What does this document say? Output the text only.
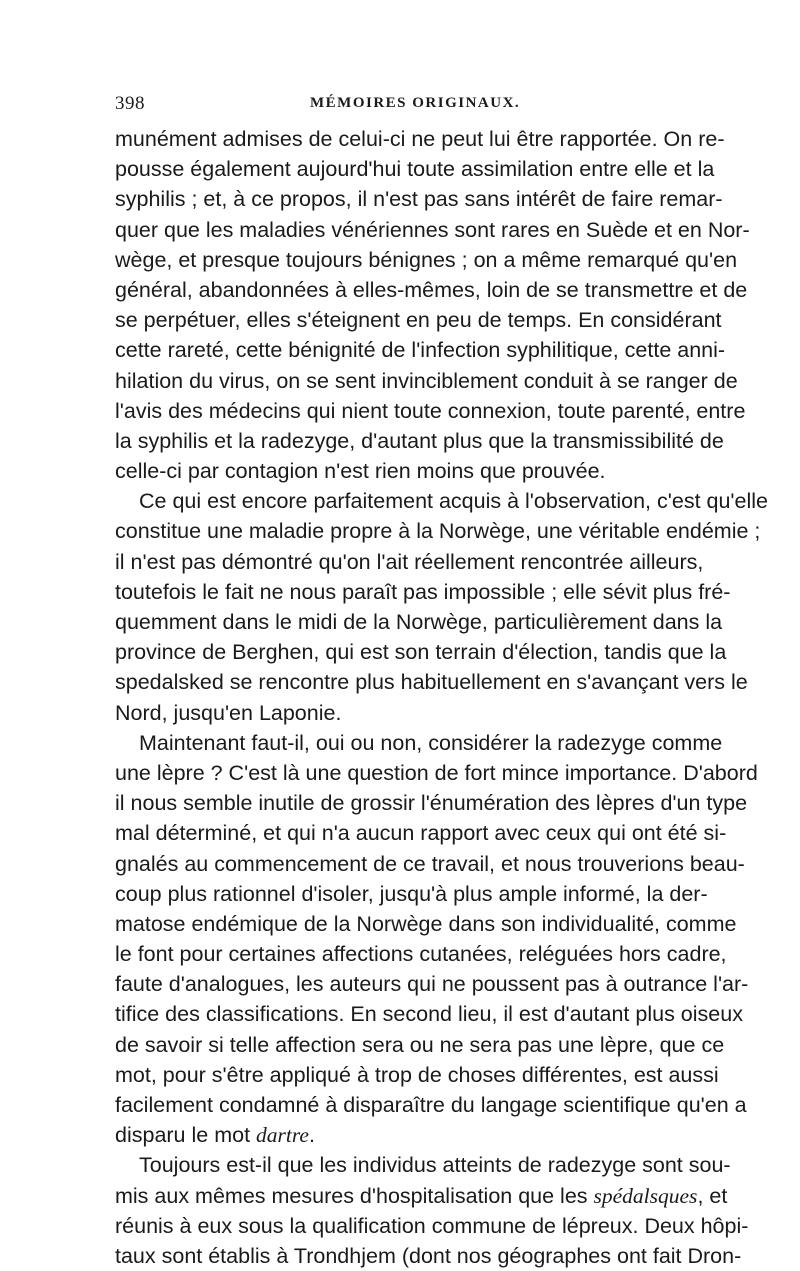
398	MÉMOIRES ORIGINAUX.
munément admises de celui-ci ne peut lui être rapportée. On re-
pousse également aujourd'hui toute assimilation entre elle et la
syphilis ; et, à ce propos, il n'est pas sans intérêt de faire remar-
quer que les maladies vénériennes sont rares en Suède et en Nor-
wège, et presque toujours bénignes ; on a même remarqué qu'en
général, abandonnées à elles-mêmes, loin de se transmettre et de
se perpétuer, elles s'éteignent en peu de temps. En considérant
cette rareté, cette bénignité de l'infection syphilitique, cette anni-
hilation du virus, on se sent invinciblement conduit à se ranger de
l'avis des médecins qui nient toute connexion, toute parenté, entre
la syphilis et la radezyge, d'autant plus que la transmissibilité de
celle-ci par contagion n'est rien moins que prouvée.
Ce qui est encore parfaitement acquis à l'observation, c'est qu'elle
constitue une maladie propre à la Norwège, une véritable endémie ;
il n'est pas démontré qu'on l'ait réellement rencontrée ailleurs,
toutefois le fait ne nous paraît pas impossible ; elle sévit plus fré-
quemment dans le midi de la Norwège, particulièrement dans la
province de Berghen, qui est son terrain d'élection, tandis que la
spedalsked se rencontre plus habituellement en s'avançant vers le
Nord, jusqu'en Laponie.
Maintenant faut-il, oui ou non, considérer la radezyge comme
une lèpre ? C'est là une question de fort mince importance. D'abord
il nous semble inutile de grossir l'énumération des lèpres d'un type
mal déterminé, et qui n'a aucun rapport avec ceux qui ont été si-
gnalés au commencement de ce travail, et nous trouverions beau-
coup plus rationnel d'isoler, jusqu'à plus ample informé, la der-
matose endémique de la Norwège dans son individualité, comme
le font pour certaines affections cutanées, reléguées hors cadre,
faute d'analogues, les auteurs qui ne poussent pas à outrance l'ar-
tifice des classifications. En second lieu, il est d'autant plus oiseux
de savoir si telle affection sera ou ne sera pas une lèpre, que ce
mot, pour s'être appliqué à trop de choses différentes, est aussi
facilement condamné à disparaître du langage scientifique qu'en a
disparu le mot dartre.
Toujours est-il que les individus atteints de radezyge sont sou-
mis aux mêmes mesures d'hospitalisation que les spédalsques, et
réunis à eux sous la qualification commune de lépreux. Deux hôpi-
taux sont établis à Trondhjem (dont nos géographes ont fait Dron-
